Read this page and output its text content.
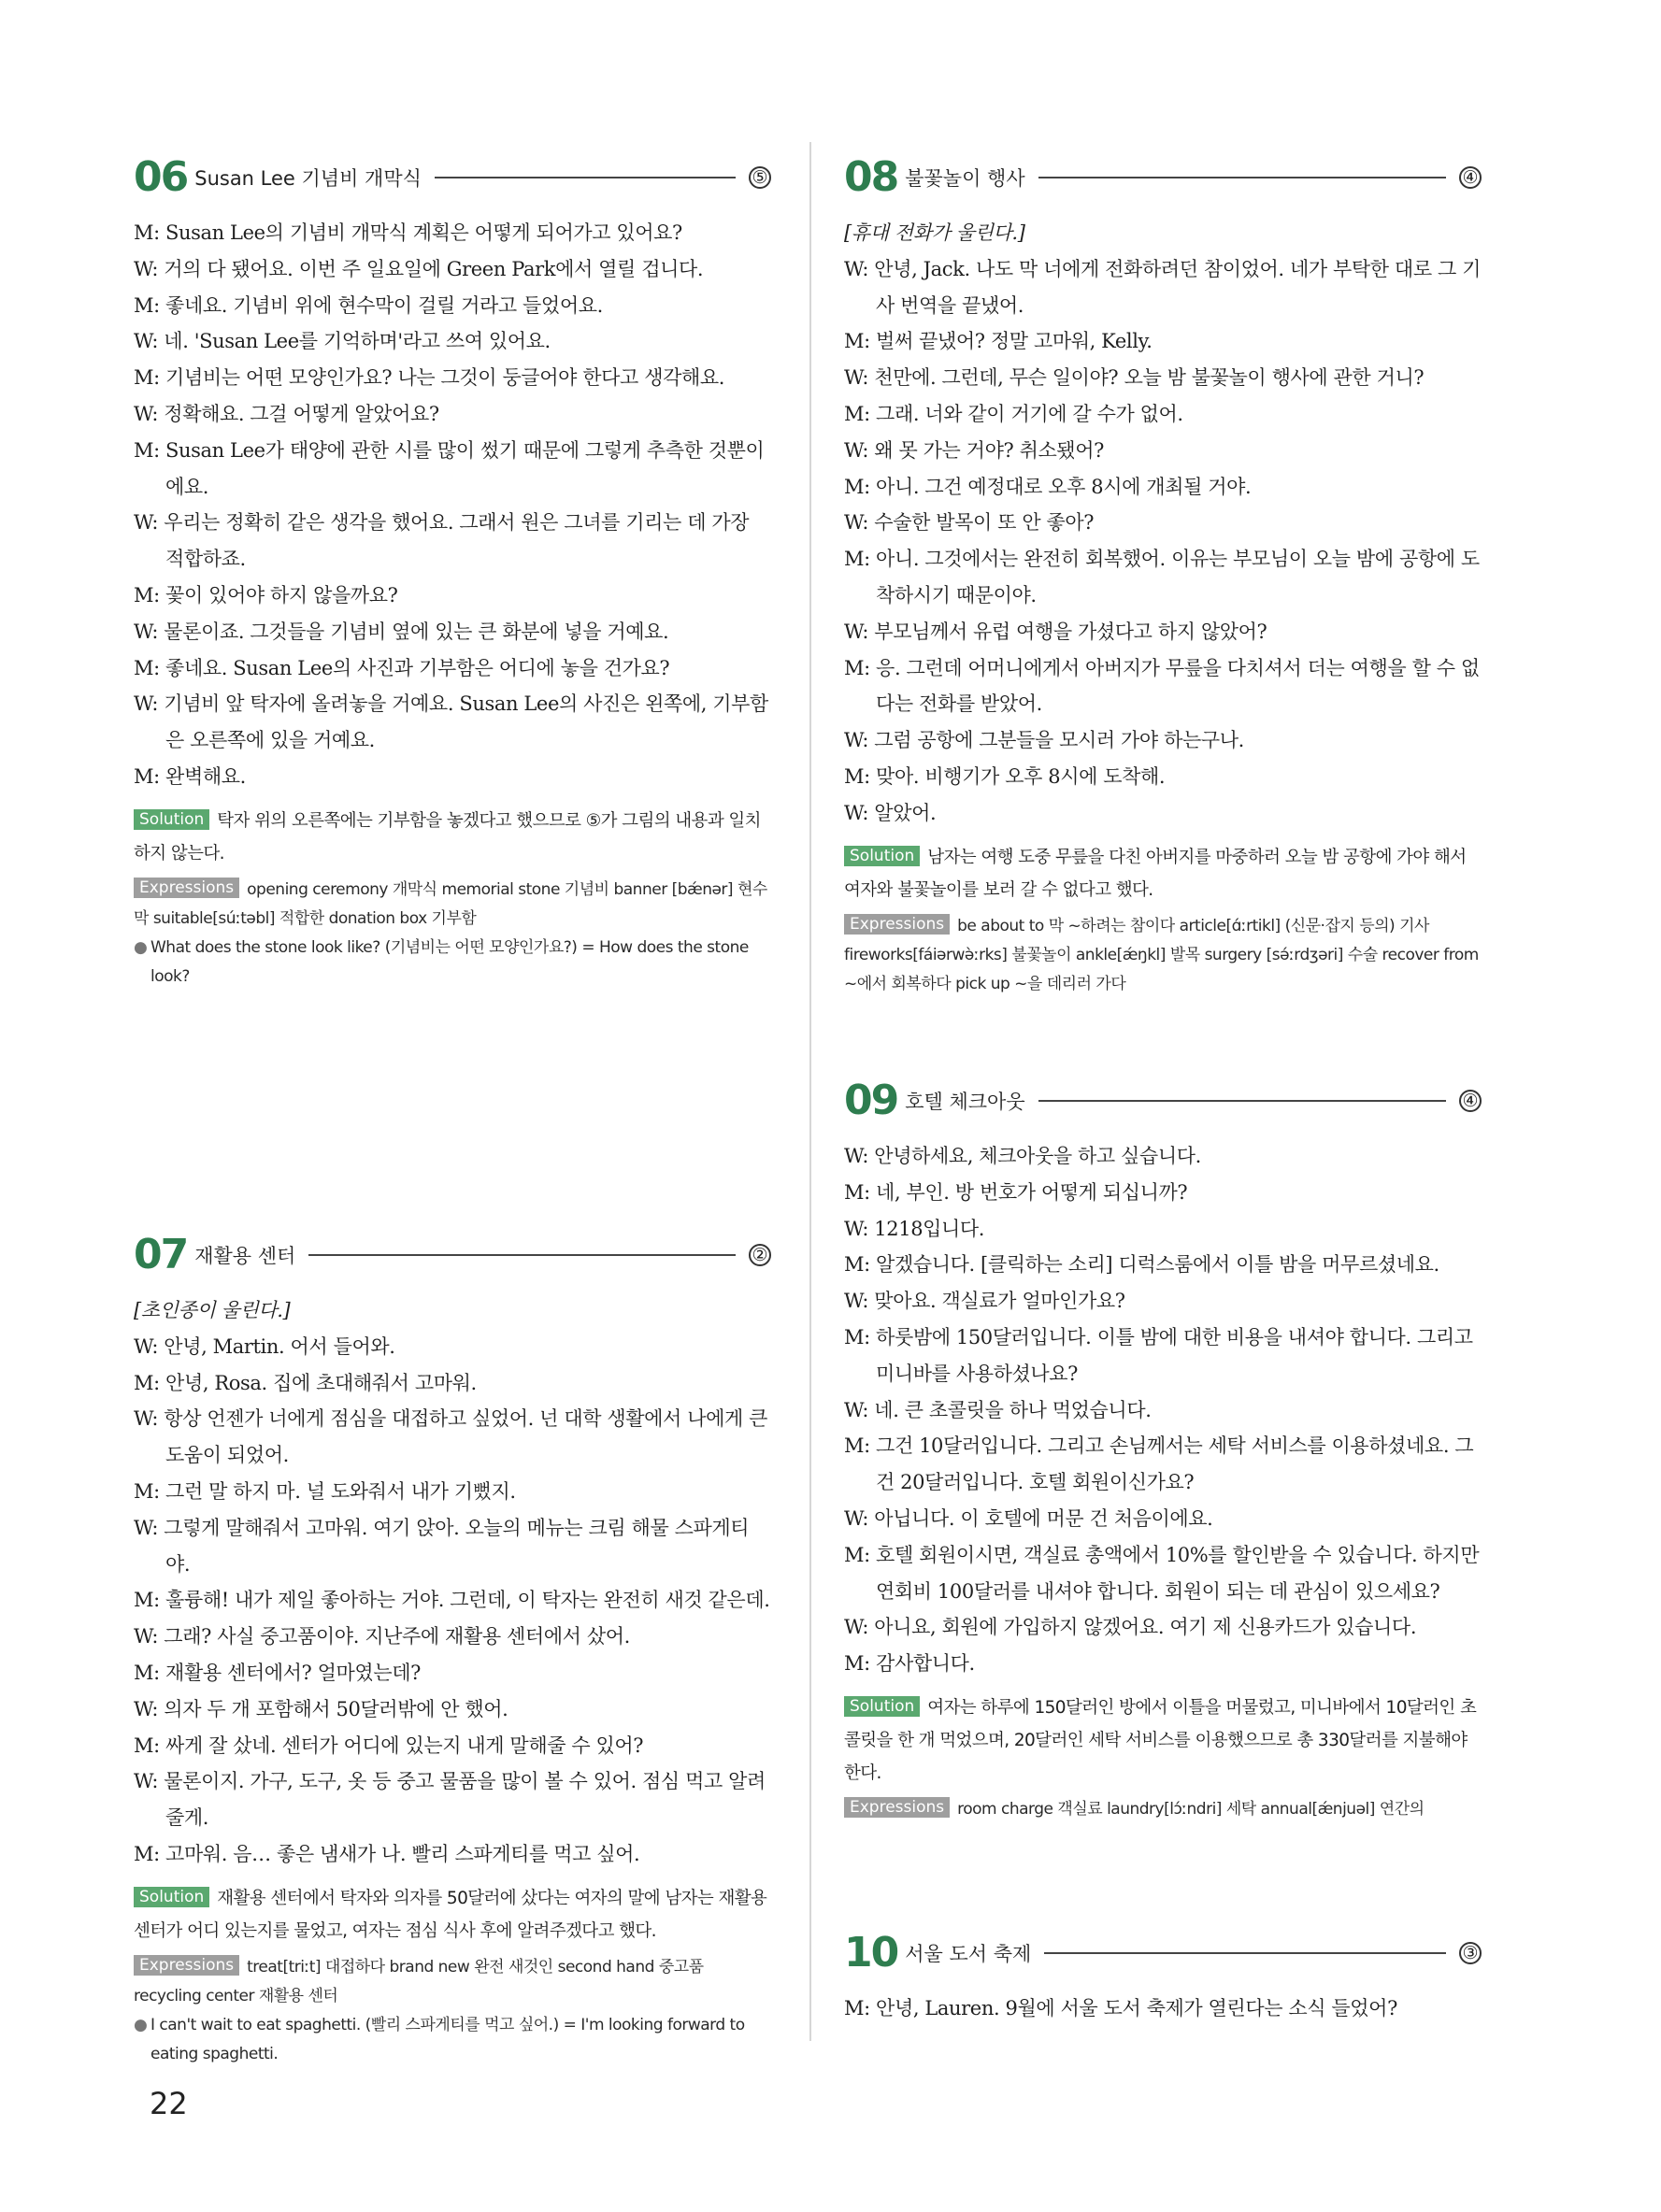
06 Susan Lee 기념비 개막식	⑤
M: Susan Lee의 기념비 개막식 계획은 어떻게 되어가고 있어요?
W: 거의 다 됐어요. 이번 주 일요일에 Green Park에서 열릴 겁니다.
M: 좋네요. 기념비 위에 현수막이 걸릴 거라고 들었어요.
W: 네. 'Susan Lee를 기억하며'라고 쓰여 있어요.
M: 기념비는 어떤 모양인가요? 나는 그것이 둥글어야 한다고 생각해요.
W: 정확해요. 그걸 어떻게 알았어요?
M: Susan Lee가 태양에 관한 시를 많이 썼기 때문에 그렇게 추측한 것뿐이에요.
W: 우리는 정확히 같은 생각을 했어요. 그래서 원은 그녀를 기리는 데 가장 적합하죠.
M: 꽃이 있어야 하지 않을까요?
W: 물론이죠. 그것들을 기념비 옆에 있는 큰 화분에 넣을 거예요.
M: 좋네요. Susan Lee의 사진과 기부함은 어디에 놓을 건가요?
W: 기념비 앞 탁자에 올려놓을 거예요. Susan Lee의 사진은 왼쪽에, 기부함은 오른쪽에 있을 거예요.
M: 완벽해요.
Solution 탁자 위의 오른쪽에는 기부함을 놓겠다고 했으므로 ⑤가 그림의 내용과 일치하지 않는다.
Expressions opening ceremony 개막식 memorial stone 기념비 banner [bǽnər] 현수막 suitable[súːtəbl] 적합한 donation box 기부함
● What does the stone look like? (기념비는 어떤 모양인가요?) = How does the stone look?
07 재활용 센터	②
[초인종이 울린다.]
W: 안녕, Martin. 어서 들어와.
M: 안녕, Rosa. 집에 초대해줘서 고마워.
W: 항상 언젠가 너에게 점심을 대접하고 싶었어. 넌 대학 생활에서 나에게 큰 도움이 되었어.
M: 그런 말 하지 마. 널 도와줘서 내가 기뻤지.
W: 그렇게 말해줘서 고마워. 여기 앉아. 오늘의 메뉴는 크림 해물 스파게티야.
M: 훌륭해! 내가 제일 좋아하는 거야. 그런데, 이 탁자는 완전히 새것 같은데.
W: 그래? 사실 중고품이야. 지난주에 재활용 센터에서 샀어.
M: 재활용 센터에서? 얼마였는데?
W: 의자 두 개 포함해서 50달러밖에 안 했어.
M: 싸게 잘 샀네. 센터가 어디에 있는지 내게 말해줄 수 있어?
W: 물론이지. 가구, 도구, 옷 등 중고 물품을 많이 볼 수 있어. 점심 먹고 알려줄게.
M: 고마워. 음… 좋은 냄새가 나. 빨리 스파게티를 먹고 싶어.
Solution 재활용 센터에서 탁자와 의자를 50달러에 샀다는 여자의 말에 남자는 재활용 센터가 어디 있는지를 물었고, 여자는 점심 식사 후에 알려주겠다고 했다.
Expressions treat[triːt] 대접하다 brand new 완전 새것인 second hand 중고품 recycling center 재활용 센터
● I can't wait to eat spaghetti. (빨리 스파게티를 먹고 싶어.) = I'm looking forward to eating spaghetti.
08 불꽃놀이 행사	④
[휴대 전화가 울린다.]
W: 안녕, Jack. 나도 막 너에게 전화하려던 참이었어. 네가 부탁한 대로 그 기사 번역을 끝냈어.
M: 벌써 끝냈어? 정말 고마워, Kelly.
W: 천만에. 그런데, 무슨 일이야? 오늘 밤 불꽃놀이 행사에 관한 거니?
M: 그래. 너와 같이 거기에 갈 수가 없어.
W: 왜 못 가는 거야? 취소됐어?
M: 아니. 그건 예정대로 오후 8시에 개최될 거야.
W: 수술한 발목이 또 안 좋아?
M: 아니. 그것에서는 완전히 회복했어. 이유는 부모님이 오늘 밤에 공항에 도착하시기 때문이야.
W: 부모님께서 유럽 여행을 가셨다고 하지 않았어?
M: 응. 그런데 어머니에게서 아버지가 무릎을 다치셔서 더는 여행을 할 수 없다는 전화를 받았어.
W: 그럼 공항에 그분들을 모시러 가야 하는구나.
M: 맞아. 비행기가 오후 8시에 도착해.
W: 알았어.
Solution 남자는 여행 도중 무릎을 다친 아버지를 마중하러 오늘 밤 공항에 가야 해서 여자와 불꽃놀이를 보러 갈 수 없다고 했다.
Expressions be about to 막 ~하려는 참이다 article[ɑ́ːrtikl] (신문·잡지 등의) 기사 fireworks[fáiərwə̀ːrks] 불꽃놀이 ankle[ǽŋkl] 발목 surgery [sə́ːrdʒəri] 수술 recover from ~에서 회복하다 pick up ~을 데리러 가다
09 호텔 체크아웃	④
W: 안녕하세요, 체크아웃을 하고 싶습니다.
M: 네, 부인. 방 번호가 어떻게 되십니까?
W: 1218입니다.
M: 알겠습니다. [클릭하는 소리] 디럭스룸에서 이틀 밤을 머무르셨네요.
W: 맞아요. 객실료가 얼마인가요?
M: 하룻밤에 150달러입니다. 이틀 밤에 대한 비용을 내셔야 합니다. 그리고 미니바를 사용하셨나요?
W: 네. 큰 초콜릿을 하나 먹었습니다.
M: 그건 10달러입니다. 그리고 손님께서는 세탁 서비스를 이용하셨네요. 그건 20달러입니다. 호텔 회원이신가요?
W: 아닙니다. 이 호텔에 머문 건 처음이에요.
M: 호텔 회원이시면, 객실료 총액에서 10%를 할인받을 수 있습니다. 하지만 연회비 100달러를 내셔야 합니다. 회원이 되는 데 관심이 있으세요?
W: 아니요, 회원에 가입하지 않겠어요. 여기 제 신용카드가 있습니다.
M: 감사합니다.
Solution 여자는 하루에 150달러인 방에서 이틀을 머물렀고, 미니바에서 10달러인 초콜릿을 한 개 먹었으며, 20달러인 세탁 서비스를 이용했으므로 총 330달러를 지불해야 한다.
Expressions room charge 객실료 laundry[lɔ́ːndri] 세탁 annual[ǽnjuəl] 연간의
10 서울 도서 축제	③
M: 안녕, Lauren. 9월에 서울 도서 축제가 열린다는 소식 들었어?
22
